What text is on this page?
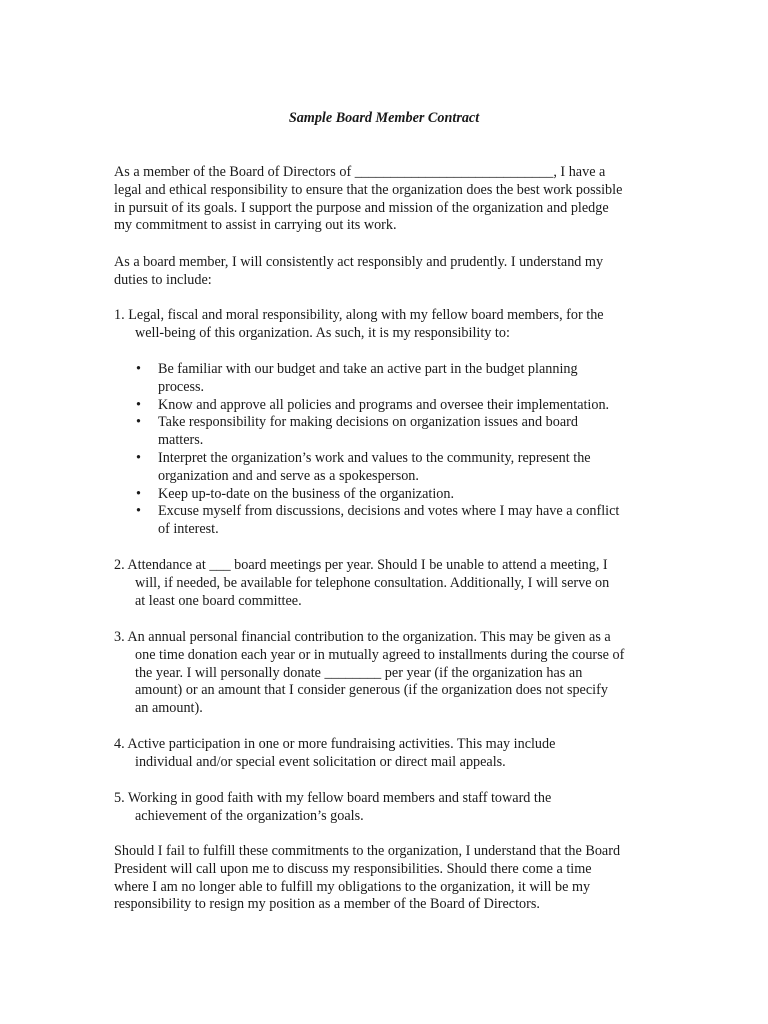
Sample Board Member Contract

As a member of the Board of Directors of ____________________________, I have a
legal and ethical responsibility to ensure that the organization does the best work possible
in pursuit of its goals. I support the purpose and mission of the organization and pledge
my commitment to assist in carrying out its work.

As a board member, I will consistently act responsibly and prudently. I understand my
duties to include:

1. Legal, fiscal and moral responsibility, along with my fellow board members, for the
well-being of this organization. As such, it is my responsibility to:
• Be familiar with our budget and take an active part in the budget planning
process.
• Know and approve all policies and programs and oversee their implementation.
• Take responsibility for making decisions on organization issues and board
matters.
• Interpret the organization’s work and values to the community, represent the
organization and and serve as a spokesperson.
• Keep up-to-date on the business of the organization.
• Excuse myself from discussions, decisions and votes where I may have a conflict
of interest.
2. Attendance at ___ board meetings per year. Should I be unable to attend a meeting, I
will, if needed, be available for telephone consultation. Additionally, I will serve on
at least one board committee.
3. An annual personal financial contribution to the organization. This may be given as a
one time donation each year or in mutually agreed to installments during the course of
the year. I will personally donate ________ per year (if the organization has an
amount) or an amount that I consider generous (if the organization does not specify
an amount).
4. Active participation in one or more fundraising activities. This may include
individual and/or special event solicitation or direct mail appeals.
5. Working in good faith with my fellow board members and staff toward the
achievement of the organization’s goals.

Should I fail to fulfill these commitments to the organization, I understand that the Board
President will call upon me to discuss my responsibilities. Should there come a time
where I am no longer able to fulfill my obligations to the organization, it will be my
responsibility to resign my position as a member of the Board of Directors.
